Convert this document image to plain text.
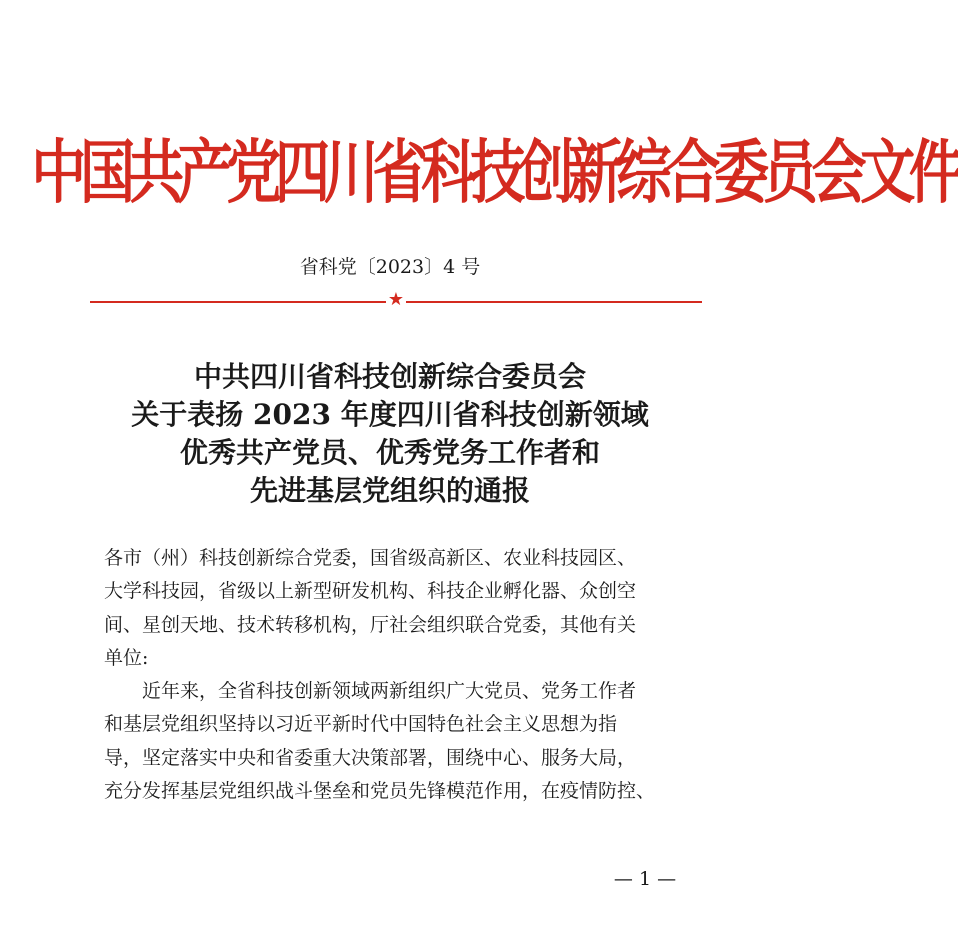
中国共产党四川省科技创新综合委员会文件
省科党〔2023〕4 号
★
中共四川省科技创新综合委员会
关于表扬 2023 年度四川省科技创新领域
优秀共产党员、优秀党务工作者和
先进基层党组织的通报
各市（州）科技创新综合党委，国省级高新区、农业科技园区、
大学科技园，省级以上新型研发机构、科技企业孵化器、众创空
间、星创天地、技术转移机构，厅社会组织联合党委，其他有关
单位:
近年来，全省科技创新领域两新组织广大党员、党务工作者
和基层党组织坚持以习近平新时代中国特色社会主义思想为指
导，坚定落实中央和省委重大决策部署，围绕中心、服务大局，
充分发挥基层党组织战斗堡垒和党员先锋模范作用，在疫情防控、
— 1 —
